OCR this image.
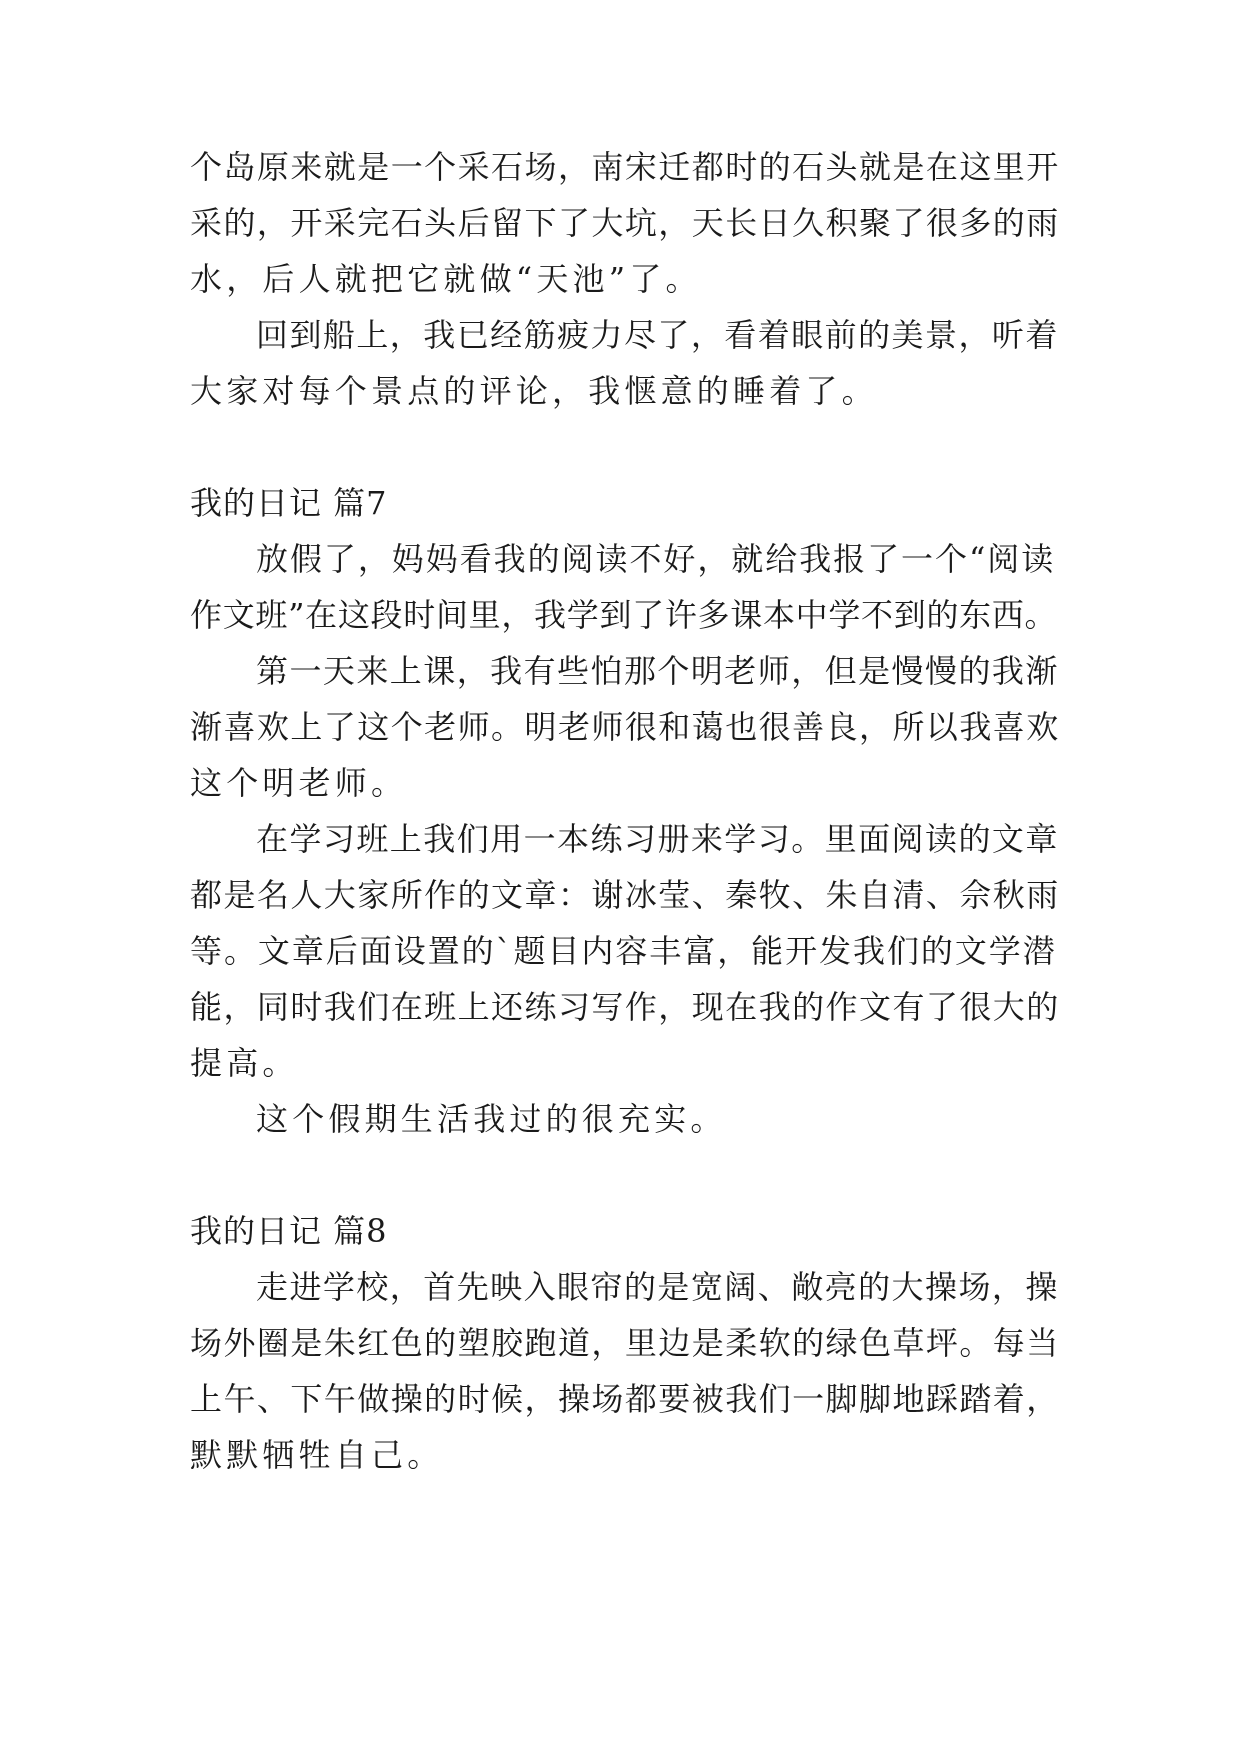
个岛原来就是一个采石场，南宋迁都时的石头就是在这里开
采的，开采完石头后留下了大坑，天长日久积聚了很多的雨
水，后人就把它就做“天池”了。
回到船上，我已经筋疲力尽了，看着眼前的美景，听着
大家对每个景点的评论，我惬意的睡着了。
我的日记 篇7
放假了，妈妈看我的阅读不好，就给我报了一个“阅读
作文班”在这段时间里，我学到了许多课本中学不到的东西。
第一天来上课，我有些怕那个明老师，但是慢慢的我渐
渐喜欢上了这个老师。明老师很和蔼也很善良，所以我喜欢
这个明老师。
在学习班上我们用一本练习册来学习。里面阅读的文章
都是名人大家所作的文章：谢冰莹、秦牧、朱自清、佘秋雨
等。文章后面设置的`题目内容丰富，能开发我们的文学潜
能，同时我们在班上还练习写作，现在我的作文有了很大的
提高。
这个假期生活我过的很充实。
我的日记 篇8
走进学校，首先映入眼帘的是宽阔、敞亮的大操场，操
场外圈是朱红色的塑胶跑道，里边是柔软的绿色草坪。每当
上午、下午做操的时候，操场都要被我们一脚脚地踩踏着，
默默牺牲自己。
